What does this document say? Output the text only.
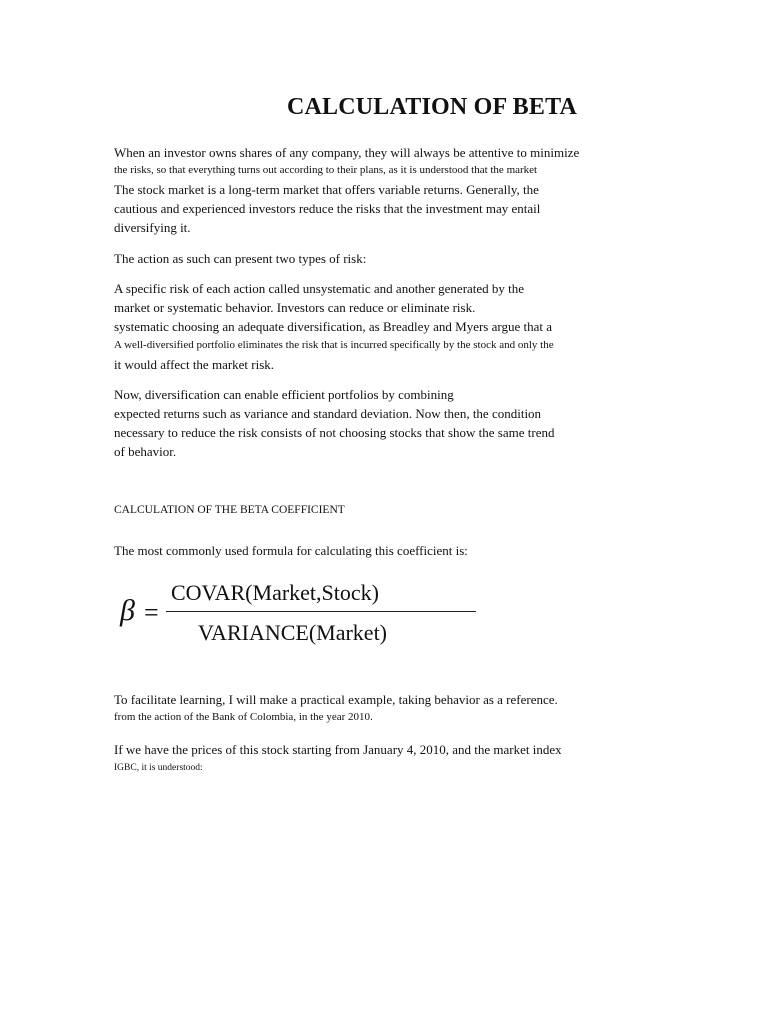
CALCULATION OF BETA
When an investor owns shares of any company, they will always be attentive to minimize
the risks, so that everything turns out according to their plans, as it is understood that the market
The stock market is a long-term market that offers variable returns. Generally, the
cautious and experienced investors reduce the risks that the investment may entail
diversifying it.
The action as such can present two types of risk:
A specific risk of each action called unsystematic and another generated by the
market or systematic behavior. Investors can reduce or eliminate risk.
systematic choosing an adequate diversification, as Breadley and Myers argue that a
A well-diversified portfolio eliminates the risk that is incurred specifically by the stock and only the
it would affect the market risk.
Now, diversification can enable efficient portfolios by combining
expected returns such as variance and standard deviation. Now then, the condition
necessary to reduce the risk consists of not choosing stocks that show the same trend
of behavior.
CALCULATION OF THE BETA COEFFICIENT
The most commonly used formula for calculating this coefficient is:
β =
COVAR(Market,Stock)
VARIANCE(Market)
To facilitate learning, I will make a practical example, taking behavior as a reference.
from the action of the Bank of Colombia, in the year 2010.
If we have the prices of this stock starting from January 4, 2010, and the market index
IGBC, it is understood:
